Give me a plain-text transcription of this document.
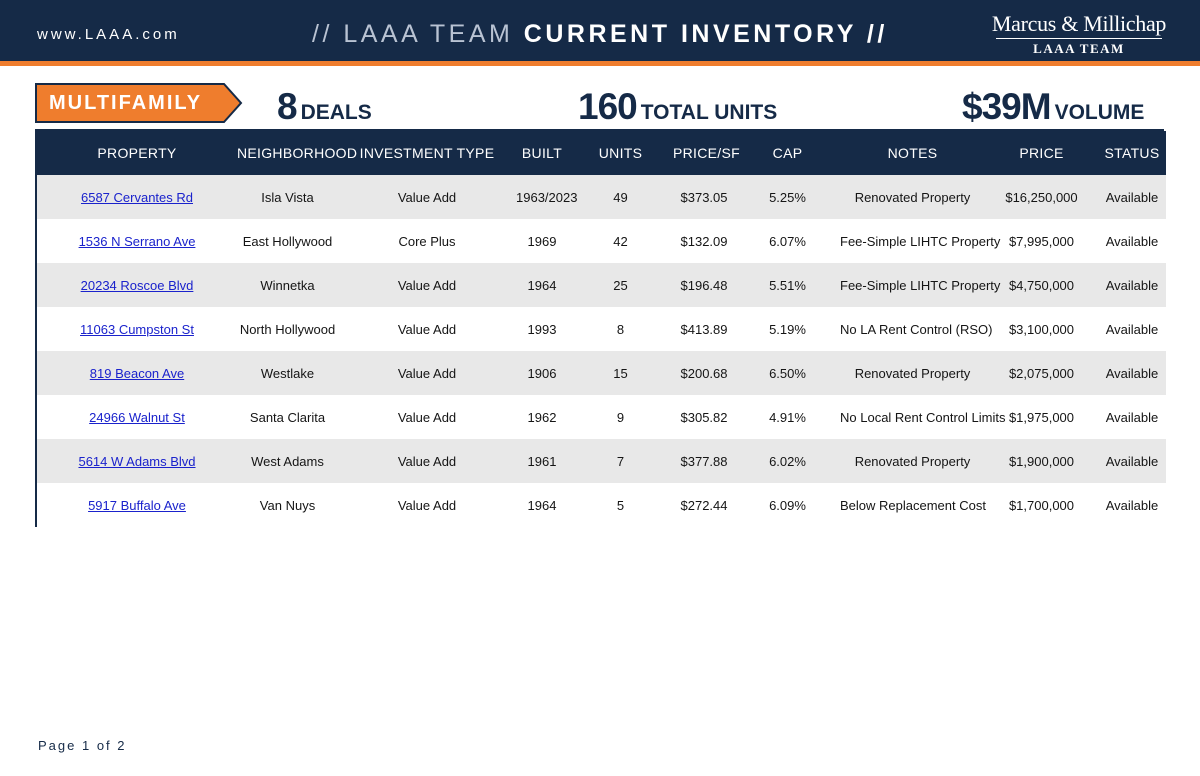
www.LAAA.com	// LAAA TEAM CURRENT INVENTORY //	Marcus & Millichap
LAAA TEAM
MULTIFAMILY 8 DEALS	160 TOTAL UNITS	$39M VOLUME
PROPERTY	NEIGHBORHOOD	INVESTMENT TYPE	BUILT	UNITS	PRICE/SF	CAP	NOTES	PRICE	STATUS
6587 Cervantes Rd	Isla Vista	Value Add	1963/2023	49	$373.05	5.25%	Renovated Property	$16,250,000	Available
1536 N Serrano Ave	East Hollywood	Core Plus	1969	42	$132.09	6.07%	Fee-Simple LIHTC Property	$7,995,000	Available
20234 Roscoe Blvd	Winnetka	Value Add	1964	25	$196.48	5.51%	Fee-Simple LIHTC Property	$4,750,000	Available
11063 Cumpston St	North Hollywood	Value Add	1993	8	$413.89	5.19%	No LA Rent Control (RSO)	$3,100,000	Available
819 Beacon Ave	Westlake	Value Add	1906	15	$200.68	6.50%	Renovated Property	$2,075,000	Available
24966 Walnut St	Santa Clarita	Value Add	1962	9	$305.82	4.91%	No Local Rent Control Limits	$1,975,000	Available
5614 W Adams Blvd	West Adams	Value Add	1961	7	$377.88	6.02%	Renovated Property	$1,900,000	Available
5917 Buffalo Ave	Van Nuys	Value Add	1964	5	$272.44	6.09%	Below Replacement Cost	$1,700,000	Available
Page 1 of 2
